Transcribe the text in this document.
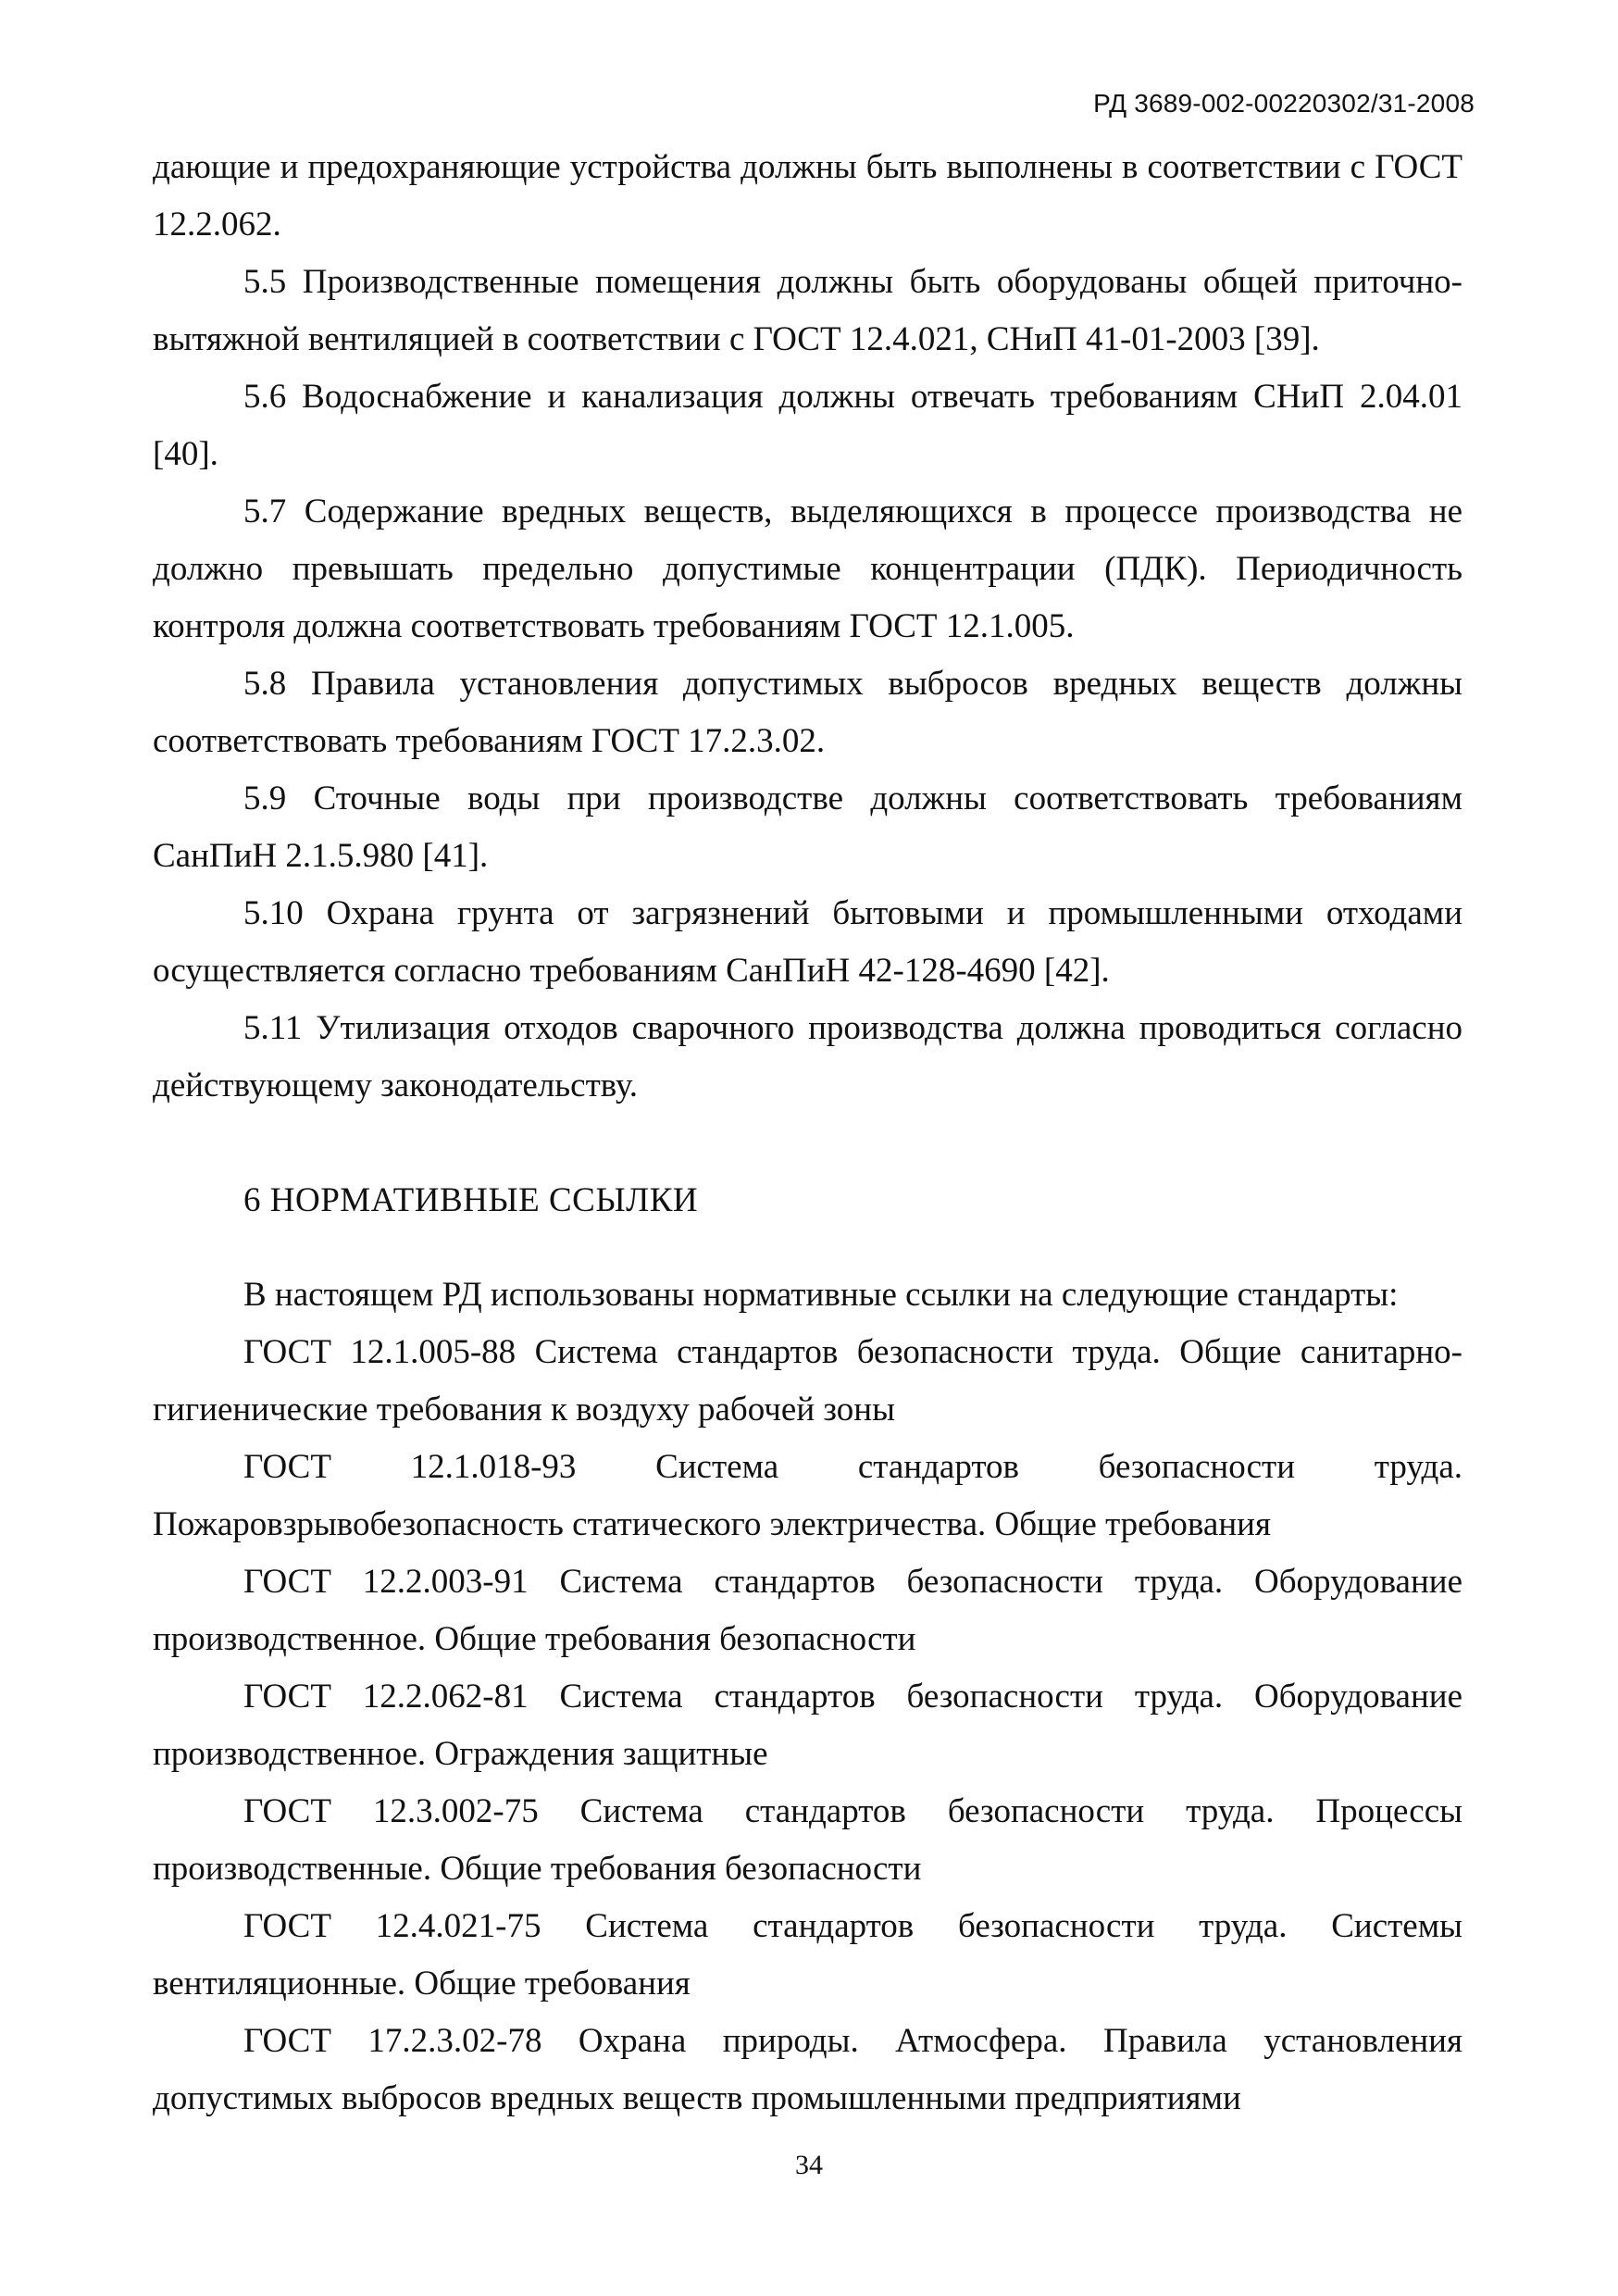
РД 3689-002-00220302/31-2008

дающие и предохраняющие устройства должны быть выполнены в соответствии с ГОСТ 12.2.062.

5.5 Производственные помещения должны быть оборудованы общей приточно-вытяжной вентиляцией в соответствии с ГОСТ 12.4.021, СНиП 41-01-2003 [39].

5.6 Водоснабжение и канализация должны отвечать требованиям СНиП 2.04.01 [40].

5.7 Содержание вредных веществ, выделяющихся в процессе производства не должно превышать предельно допустимые концентрации (ПДК). Периодичность контроля должна соответствовать требованиям ГОСТ 12.1.005.

5.8 Правила установления допустимых выбросов вредных веществ должны соответствовать требованиям ГОСТ 17.2.3.02.

5.9 Сточные воды при производстве должны соответствовать требованиям СанПиН 2.1.5.980 [41].

5.10 Охрана грунта от загрязнений бытовыми и промышленными отходами осуществляется согласно требованиям СанПиН 42-128-4690 [42].

5.11 Утилизация отходов сварочного производства должна проводиться согласно действующему законодательству.

6 НОРМАТИВНЫЕ ССЫЛКИ

В настоящем РД использованы нормативные ссылки на следующие стандарты:

ГОСТ 12.1.005-88 Система стандартов безопасности труда. Общие санитарно-гигиенические требования к воздуху рабочей зоны

ГОСТ 12.1.018-93 Система стандартов безопасности труда. Пожаровзрывобезопасность статического электричества. Общие требования

ГОСТ 12.2.003-91 Система стандартов безопасности труда. Оборудование производственное. Общие требования безопасности

ГОСТ 12.2.062-81 Система стандартов безопасности труда. Оборудование производственное. Ограждения защитные

ГОСТ 12.3.002-75 Система стандартов безопасности труда. Процессы производственные. Общие требования безопасности

ГОСТ 12.4.021-75 Система стандартов безопасности труда. Системы вентиляционные. Общие требования

ГОСТ 17.2.3.02-78 Охрана природы. Атмосфера. Правила установления допустимых выбросов вредных веществ промышленными предприятиями

34
